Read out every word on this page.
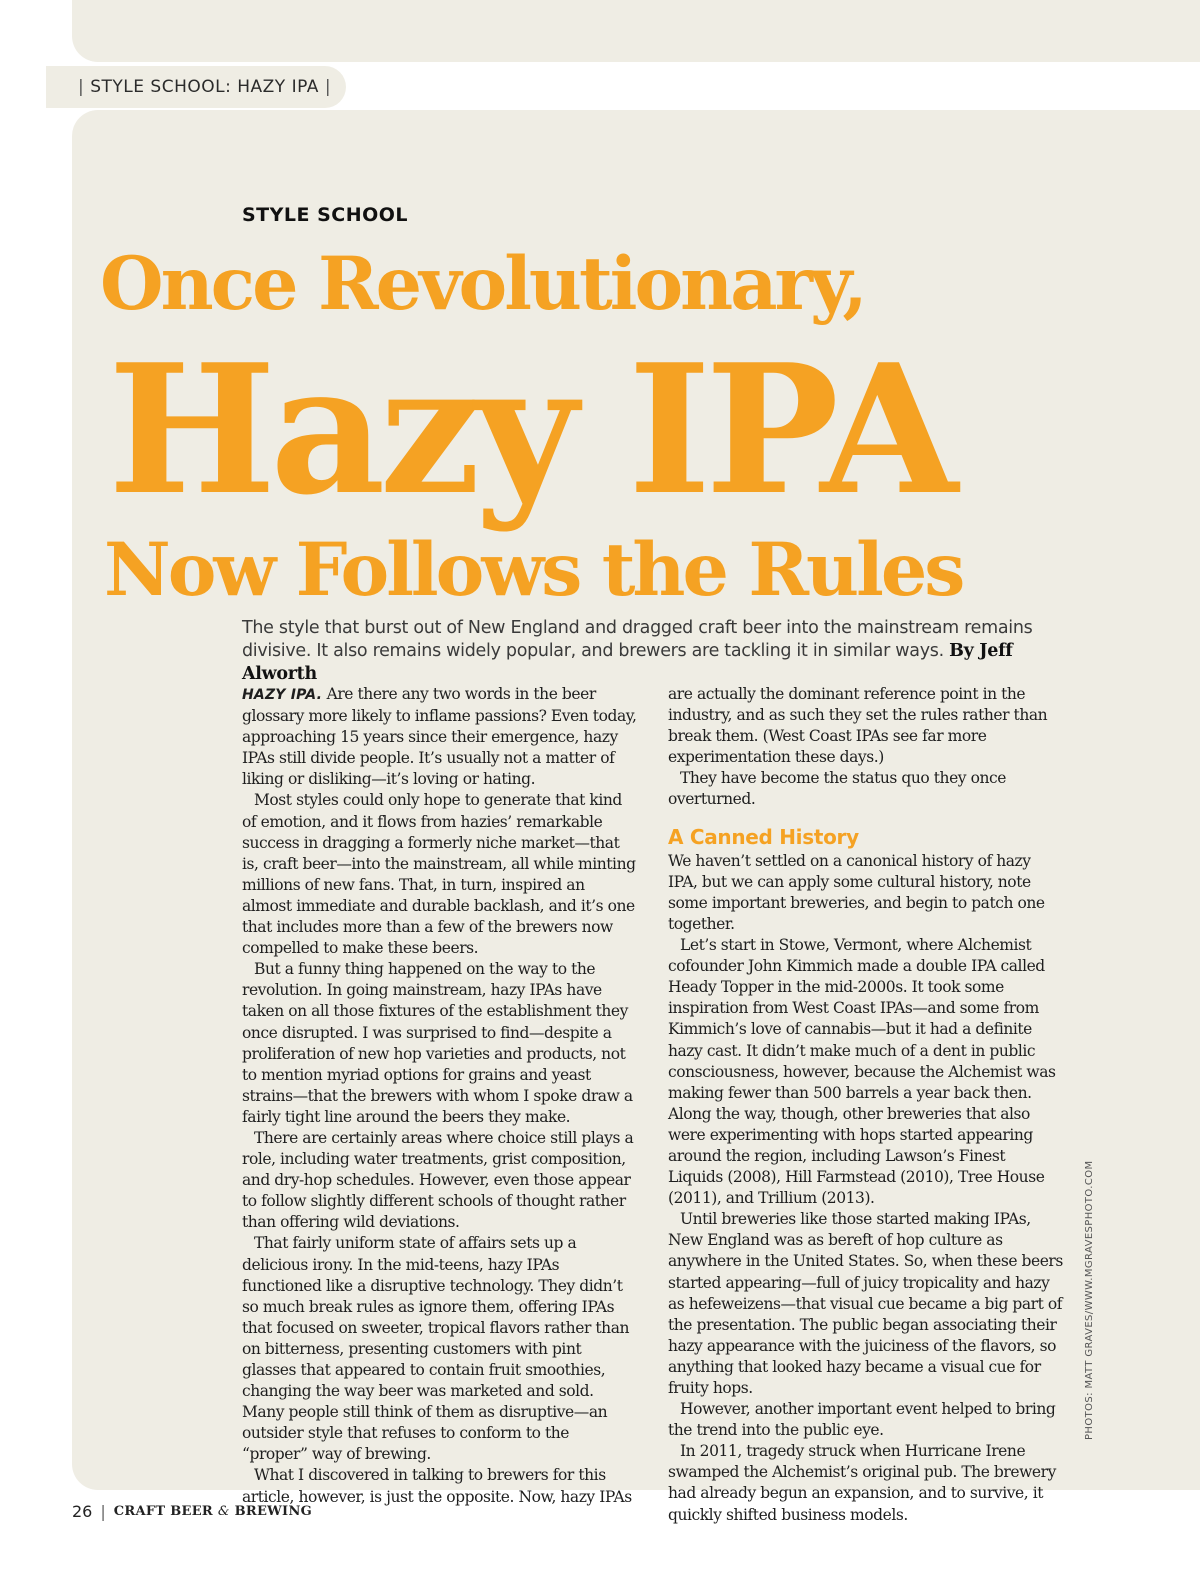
| STYLE SCHOOL: HAZY IPA |
STYLE SCHOOL
Once Revolutionary,
Hazy IPA
Now Follows the Rules
The style that burst out of New England and dragged craft beer into the mainstream remains divisive. It also remains widely popular, and brewers are tackling it in similar ways. By Jeff Alworth

HAZY IPA. Are there any two words in the beer glossary more likely to inflame passions? Even today, approaching 15 years since their emergence, hazy IPAs still divide people. It’s usually not a matter of liking or disliking—it’s loving or hating.

Most styles could only hope to generate that kind of emotion, and it flows from hazies’ remarkable success in dragging a formerly niche market—that is, craft beer—into the mainstream, all while minting millions of new fans. That, in turn, inspired an almost immediate and durable backlash, and it’s one that includes more than a few of the brewers now compelled to make these beers.

But a funny thing happened on the way to the revolution. In going mainstream, hazy IPAs have taken on all those fixtures of the establishment they once disrupted. I was surprised to find—despite a proliferation of new hop varieties and products, not to mention myriad options for grains and yeast strains—that the brewers with whom I spoke draw a fairly tight line around the beers they make.

There are certainly areas where choice still plays a role, including water treatments, grist composition, and dry-hop schedules. However, even those appear to follow slightly different schools of thought rather than offering wild deviations.

That fairly uniform state of affairs sets up a delicious irony. In the mid-teens, hazy IPAs functioned like a disruptive technology. They didn’t so much break rules as ignore them, offering IPAs that focused on sweeter, tropical flavors rather than on bitterness, presenting customers with pint glasses that appeared to contain fruit smoothies, changing the way beer was marketed and sold. Many people still think of them as disruptive—an outsider style that refuses to conform to the “proper” way of brewing.

What I discovered in talking to brewers for this article, however, is just the opposite. Now, hazy IPAs

are actually the dominant reference point in the industry, and as such they set the rules rather than break them. (West Coast IPAs see far more experimentation these days.)

They have become the status quo they once overturned.

A Canned History

We haven’t settled on a canonical history of hazy IPA, but we can apply some cultural history, note some important breweries, and begin to patch one together.

Let’s start in Stowe, Vermont, where Alchemist cofounder John Kimmich made a double IPA called Heady Topper in the mid-2000s. It took some inspiration from West Coast IPAs—and some from Kimmich’s love of cannabis—but it had a definite hazy cast. It didn’t make much of a dent in public consciousness, however, because the Alchemist was making fewer than 500 barrels a year back then. Along the way, though, other breweries that also were experimenting with hops started appearing around the region, including Lawson’s Finest Liquids (2008), Hill Farmstead (2010), Tree House (2011), and Trillium (2013).

Until breweries like those started making IPAs, New England was as bereft of hop culture as anywhere in the United States. So, when these beers started appearing—full of juicy tropicality and hazy as hefeweizens—that visual cue became a big part of the presentation. The public began associating their hazy appearance with the juiciness of the flavors, so anything that looked hazy became a visual cue for fruity hops.

However, another important event helped to bring the trend into the public eye.

In 2011, tragedy struck when Hurricane Irene swamped the Alchemist’s original pub. The brewery had already begun an expansion, and to survive, it quickly shifted business models.

PHOTOS: MATT GRAVES/WWW.MGRAVESPHOTO.COM
26 | CRAFT BEER & BREWING
